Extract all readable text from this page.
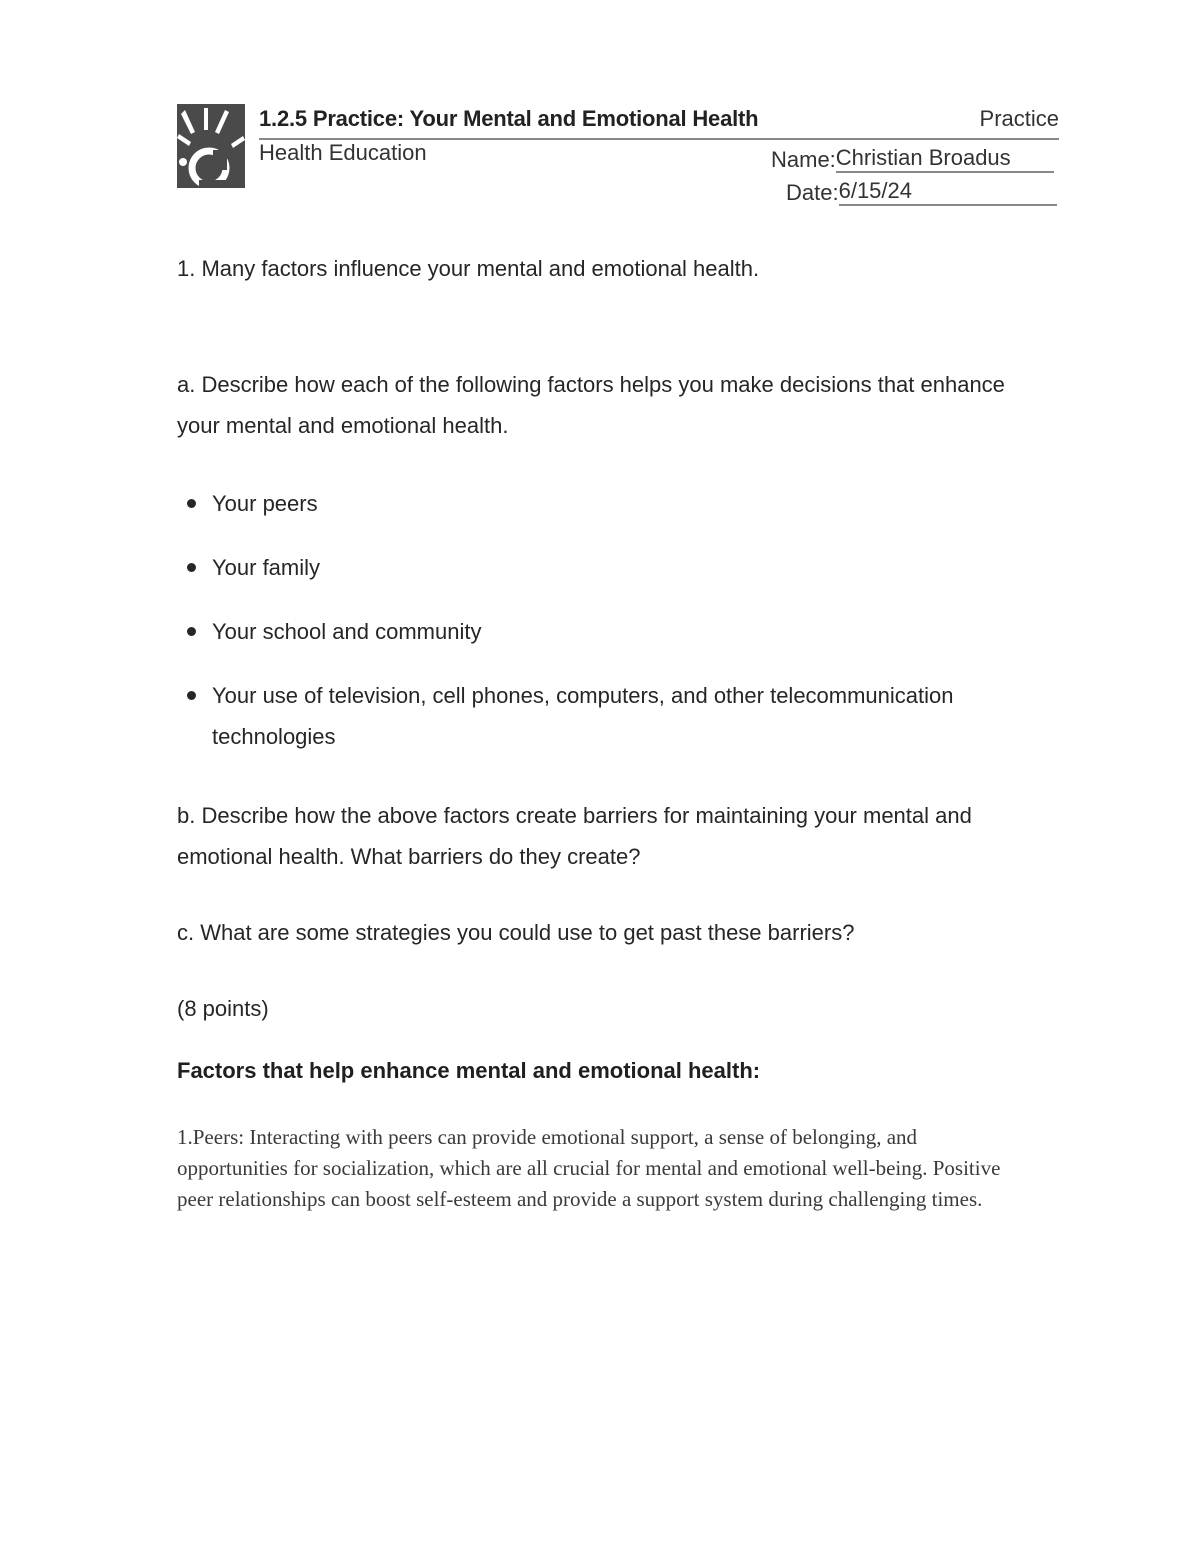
1.2.5 Practice: Your Mental and Emotional Health	Practice
Health Education	Name: Christian Broadus
Date: 6/15/24
1. Many factors influence your mental and emotional health.
a. Describe how each of the following factors helps you make decisions that enhance your mental and emotional health.
Your peers
Your family
Your school and community
Your use of television, cell phones, computers, and other telecommunication technologies
b. Describe how the above factors create barriers for maintaining your mental and emotional health. What barriers do they create?
c. What are some strategies you could use to get past these barriers?
(8 points)
Factors that help enhance mental and emotional health:
1.Peers: Interacting with peers can provide emotional support, a sense of belonging, and opportunities for socialization, which are all crucial for mental and emotional well-being. Positive peer relationships can boost self-esteem and provide a support system during challenging times.
